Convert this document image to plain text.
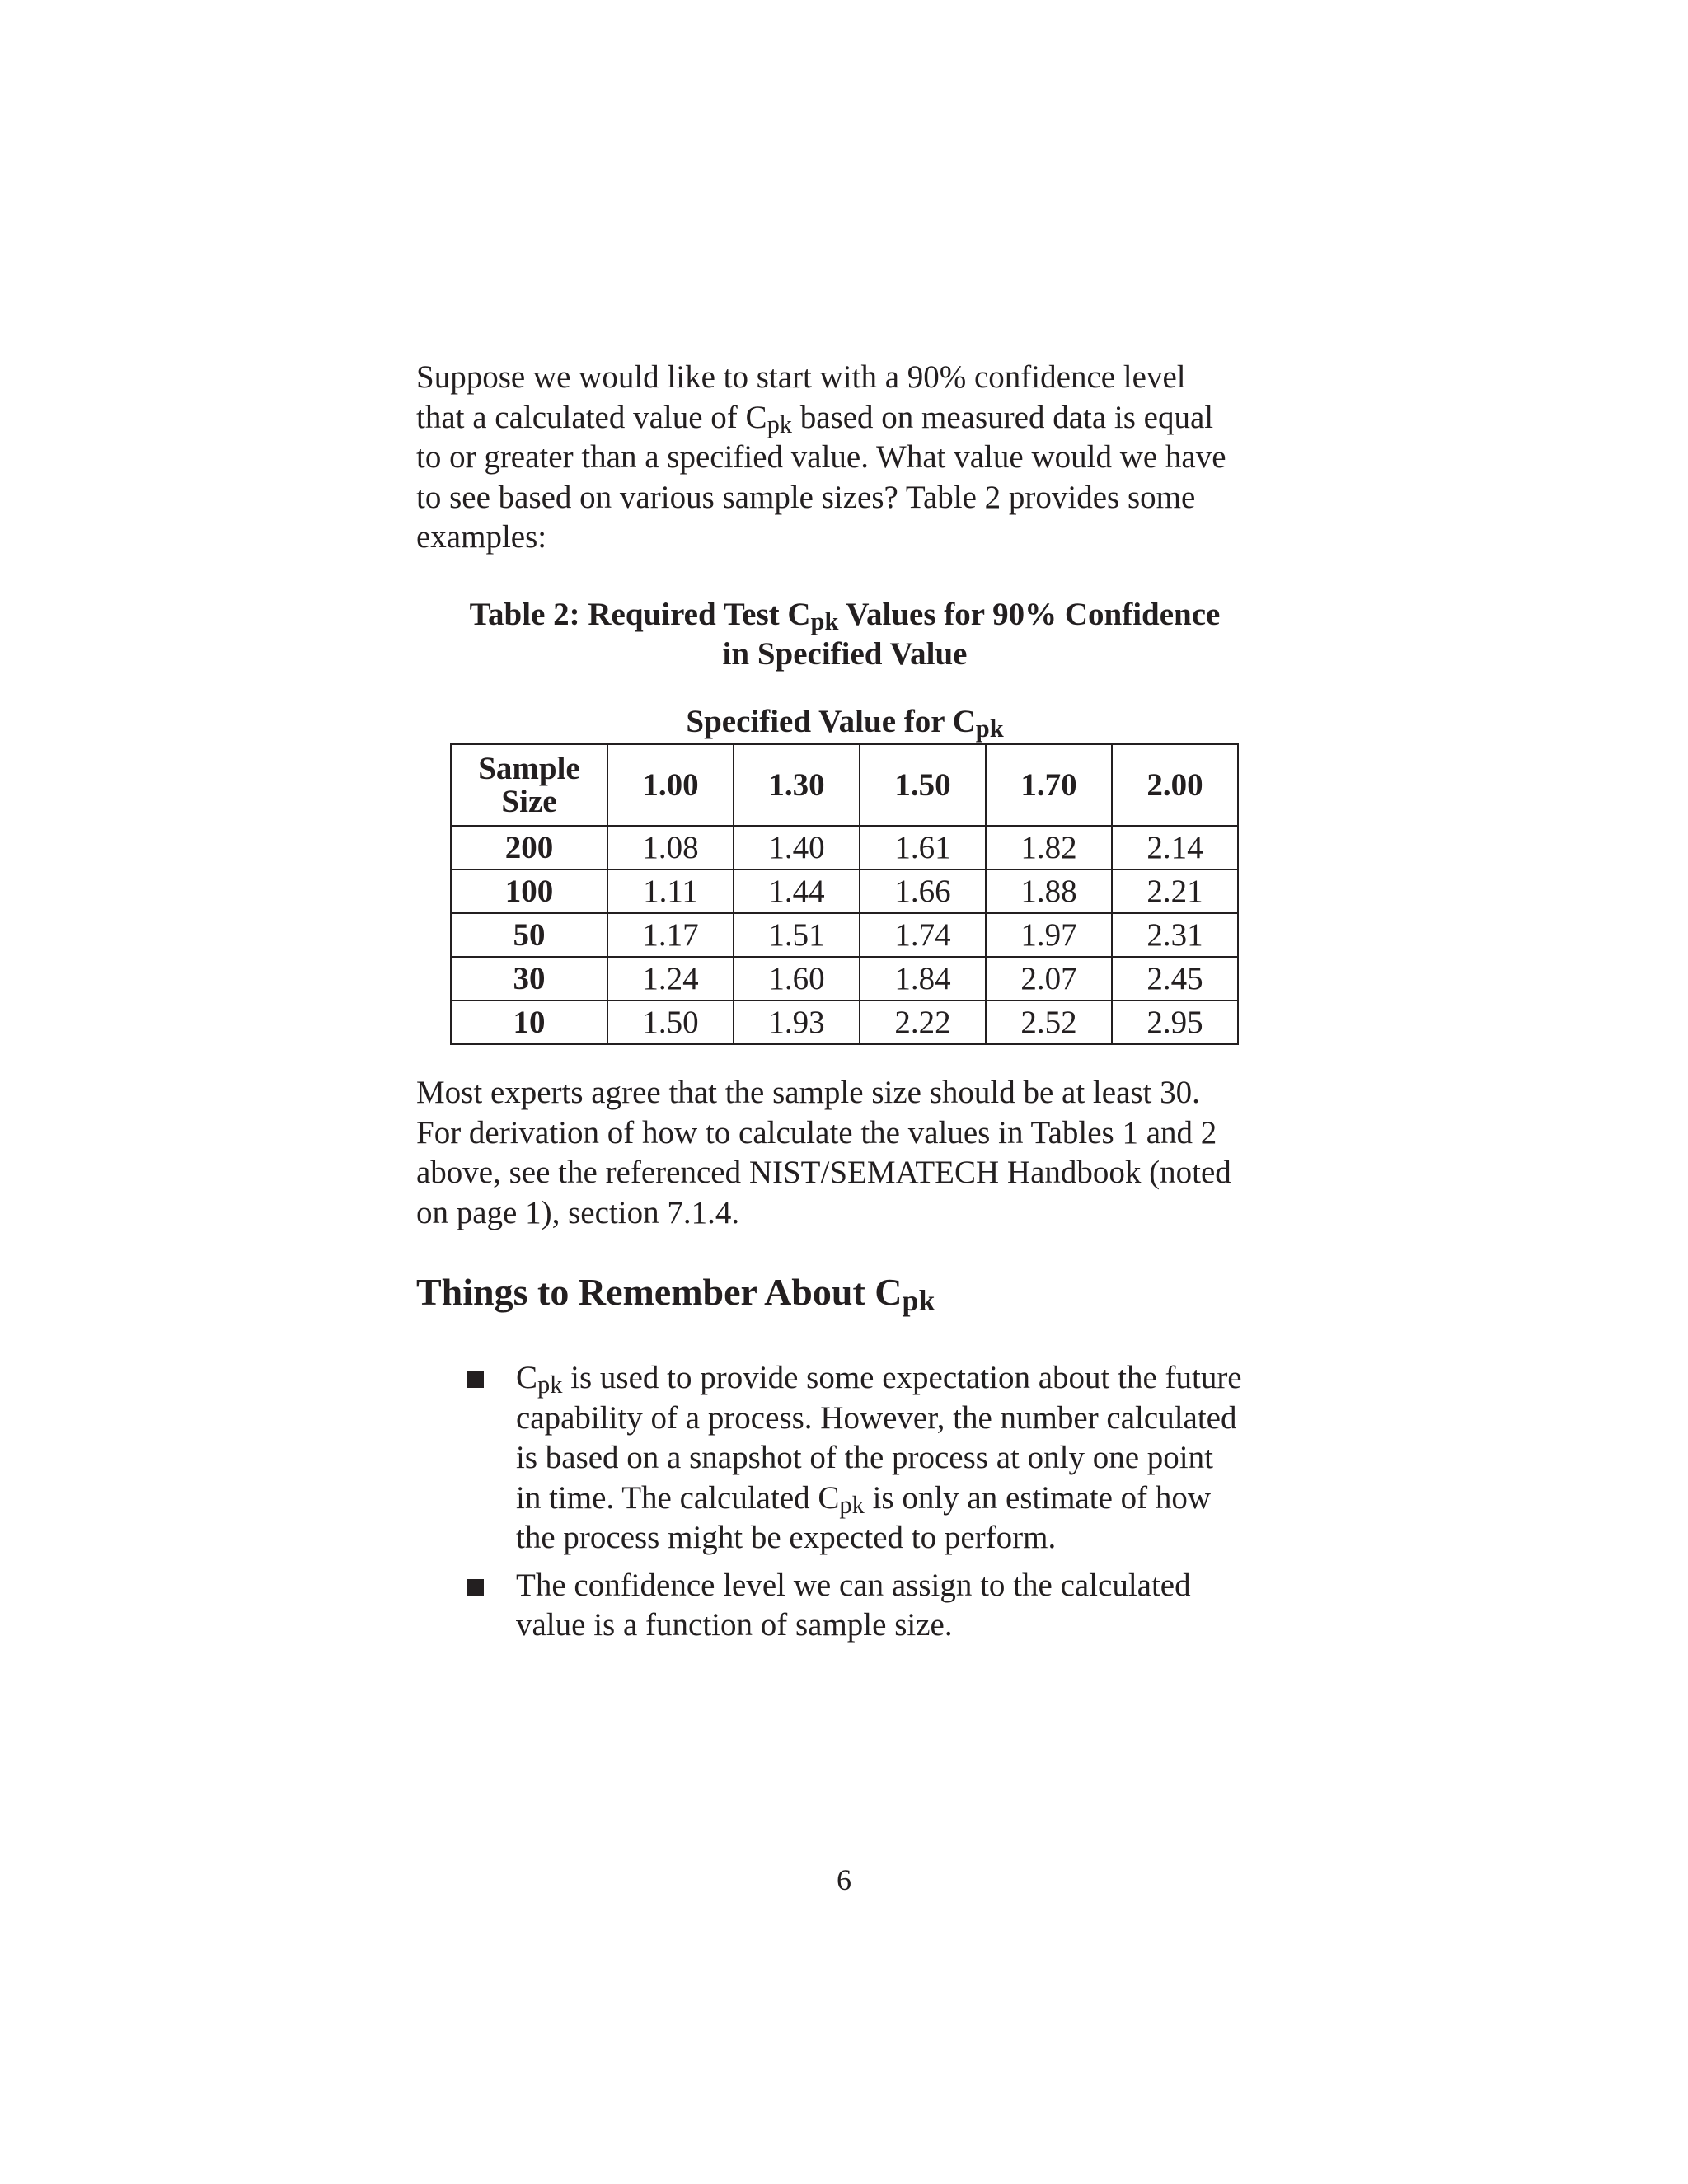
Suppose we would like to start with a 90% confidence level
that a calculated value of $C_{pk}$ based on measured data is equal
to or greater than a specified value. What value would we have
to see based on various sample sizes? Table 2 provides some
examples:
Table 2: Required Test $C_{pk}$ Values for 90% Confidence
in Specified Value
Specified Value for $C_{pk}$
Sample
Size	1.00	1.30	1.50	1.70	2.00
200	1.08	1.40	1.61	1.82	2.14
100	1.11	1.44	1.66	1.88	2.21
50	1.17	1.51	1.74	1.97	2.31
30	1.24	1.60	1.84	2.07	2.45
10	1.50	1.93	2.22	2.52	2.95
Most experts agree that the sample size should be at least 30.
For derivation of how to calculate the values in Tables 1 and 2
above, see the referenced NIST/SEMATECH Handbook (noted
on page 1), section 7.1.4.
Things to Remember About $C_{pk}$
$C_{pk}$ is used to provide some expectation about the future
capability of a process. However, the number calculated
is based on a snapshot of the process at only one point
in time. The calculated $C_{pk}$ is only an estimate of how
the process might be expected to perform.
The confidence level we can assign to the calculated
value is a function of sample size.
6
